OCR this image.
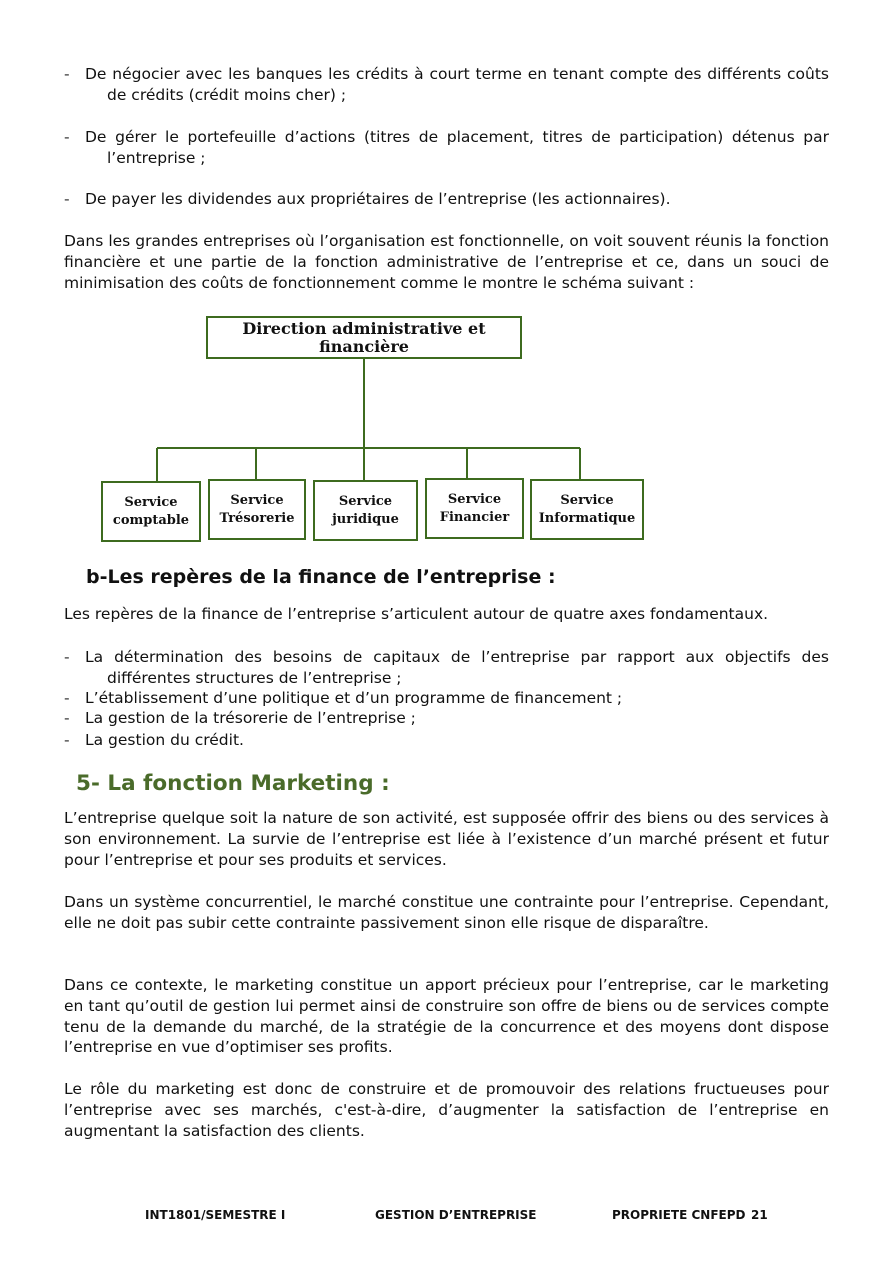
- De négocier avec les banques les crédits à court terme en tenant compte des différents coûts de crédits (crédit moins cher) ;

- De gérer le portefeuille d’actions (titres de placement, titres de participation) détenus par l’entreprise ;

- De payer les dividendes aux propriétaires de l’entreprise (les actionnaires).

Dans les grandes entreprises où l’organisation est fonctionnelle, on voit souvent réunis la fonction financière et une partie de la fonction administrative de l’entreprise et ce, dans un souci de minimisation des coûts de fonctionnement comme le montre le schéma suivant :

Direction administrative et financière
Service
comptable
Service
Trésorerie
Service
juridique
Service
Financier
Service
Informatique
b-Les repères de la finance de l’entreprise :

Les repères de la finance de l’entreprise s’articulent autour de quatre axes fondamentaux.

- La détermination des besoins de capitaux de l’entreprise par rapport aux objectifs des différentes structures de l’entreprise ;

- L’établissement d’une politique et d’un programme de financement ;

- La gestion de la trésorerie de l’entreprise ;

- La gestion du crédit.

5- La fonction Marketing :

L’entreprise quelque soit la nature de son activité, est supposée offrir des biens ou des services à son environnement. La survie de l’entreprise est liée à l’existence d’un marché présent et futur pour l’entreprise et pour ses produits et services.

Dans un système concurrentiel, le marché constitue une contrainte pour l’entreprise. Cependant, elle ne doit pas subir cette contrainte passivement sinon elle risque de disparaître.

Dans ce contexte, le marketing constitue un apport précieux pour l’entreprise, car le marketing en tant qu’outil de gestion lui permet ainsi de construire son offre de biens ou de services compte tenu de la demande du marché, de la stratégie de la concurrence et des moyens dont dispose l’entreprise en vue d’optimiser ses profits.

Le rôle du marketing est donc de construire et de promouvoir des relations fructueuses pour l’entreprise avec ses marchés, c'est-à-dire, d’augmenter la satisfaction de l’entreprise en augmentant la satisfaction des clients.

INT1801/SEMESTRE I	GESTION D’ENTREPRISE	PROPRIETE CNFEPD 21
